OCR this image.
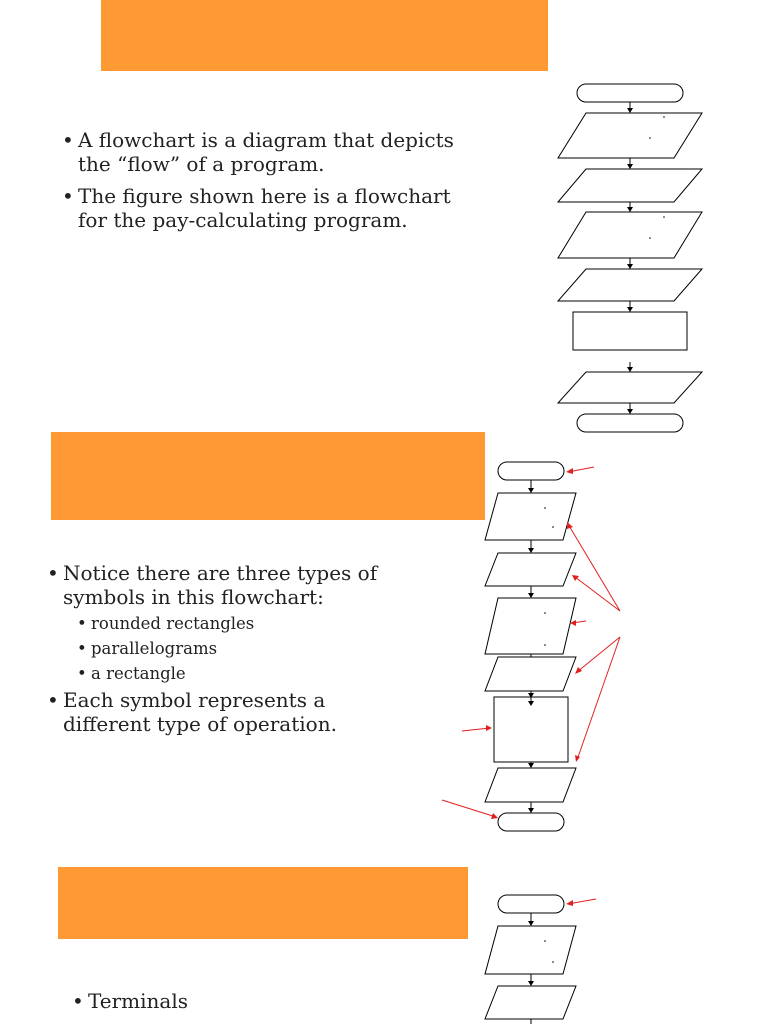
• A flowchart is a diagram that depicts the “flow” of a program.
• The figure shown here is a flowchart for the pay-calculating program.
• Notice there are three types of symbols in this flowchart:
• rounded rectangles
• parallelograms
• a rectangle
• Each symbol represents a different type of operation.
• Terminals
